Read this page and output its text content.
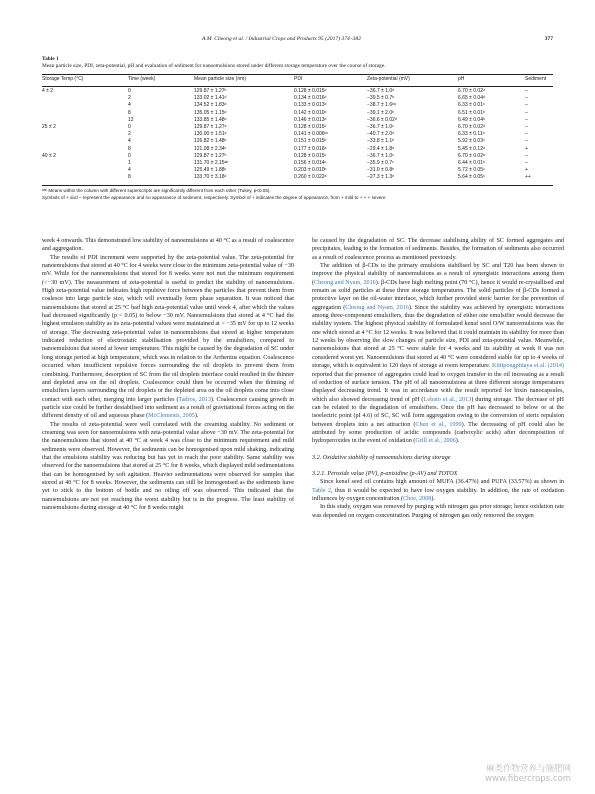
A.M. Cheong et al. / Industrial Crops and Products 95 (2017) 374–382	377
Table 1
Mean particle size, PDI, zeta-potential, pH and evaluation of sediment for nanoemulsions stored under different storage temperature over the course of storage.
Storage Temp (°C)	Time (week)	Mean particle size (nm)	PDI	Zeta-potential (mV)	pH	Sediment
4 ± 2	0	129.87 ± 1.27ᵇ	0.128 ± 0.015ᵈ	−36.7 ± 1.0ᵈ	6.70 ± 0.02ᵈ	–
	2	133.02 ± 1.41ᵈ	0.134 ± 0.016ᵈ	−39.5 ± 0.7ᵇ	6.65 ± 0.04ᵈ	–
	4	134.52 ± 1.83ᵈ	0.133 ± 0.013ᵈ	−38.7 ± 1.6ᵇᵃ	6.33 ± 0.01ᶜ	–
	8	135.05 ± 1.15ᵈ	0.142 ± 0.010ᵈ	−39.1 ± 2.0ᵇ	6.51 ± 0.01ᵇ	–
	12	133.85 ± 1.48ᵈ	0.146 ± 0.013ᵈ	−36.6 ± 0.02ᵈ	6.49 ± 0.04ᵇ	–
25 ± 2	0	129.87 ± 1.27ᵃ	0.128 ± 0.015ᶜ	−36.7 ± 1.0ᶜ	6.70 ± 0.02ᵈ	–
	2	130.00 ± 1.51ᵃ	0.141 ± 0.006ᵇᶜ	−40.7 ± 2.0ᵈ	6.33 ± 0.11ᵇ	–
	4	126.82 ± 1.48ᵇ	0.151 ± 0.015ᵇ	−33.8 ± 1.1ᵇ	5.92 ± 0.03ᶜ	–
	8	121.08 ± 2.34ᶜ	0.177 ± 0.016ᵃ	−29.4 ± 1.8ᵃ	5.45 ± 0.12ᵈ	+
40 ± 2	0	129.87 ± 1.27ᵇ	0.128 ± 0.015ᶜ	−36.7 ± 1.0ᶜ	6.70 ± 0.02ᵃ	–
	1	131.70 ± 2.15ᵃᵇ	0.156 ± 0.014ᶜ	−35.9 ± 0.7ᶜ	6.44 ± 0.01ᵇ	–
	4	125.49 ± 1.88ᶜ	0.203 ± 0.010ᵇ	−31.0 ± 0.8ᵇ	5.72 ± 0.05ᶜ	+
	8	133.70 ± 3.18ᵈ	0.260 ± 0.022ᵃ	−27.3 ± 1.3ᵈ	5.64 ± 0.05ᶜ	++
ᵃᵇᶜ Means within the column with different superscripts are significantly different from each other (Tukey, p<0.05).
Symbols of + and – represent the appearance and no appearance of sediment, respectively. Symbol of + indicates the degree of appearance, from + mild to + + + severe.

week 4 onwards. This demonstrated low stability of nanoemulsions at 40 °C as a result of coalescence and aggregation.

The results of PDI increment were supported by the zeta-potential value. The zeta-potential for nanoemulsions that stored at 40 °C for 4 weeks were close to the minimum zeta-potential value of −30 mV. While for the nanoemulsions that stored for 8 weeks were not met the minimum requirement (<−30 mV). The measurement of zeta-potential is useful to predict the stability of nanoemulsions. High zeta-potential value indicates high repulsive force between the particles that prevent them from coalesce into large particle size, which will eventually form phase separation. It was noticed that nanoemulsions that stored at 25 °C had high zeta-potential value until week 4, after which the values had decreased significantly (p < 0.05) to below −30 mV. Nanoemulsions that stored at 4 °C had the highest emulsion stability as its zeta-potential values were maintained at > −35 mV for up to 12 weeks of storage. The decreasing zeta-potential value in nanoemulsions that stored at higher temperature indicated reduction of electrostatic stabilisation provided by the emulsifiers, compared to nanoemulsions that stored at lower temperature. This might be caused by the degradation of SC under long storage period at high temperature, which was in relation to the Arrhenius equation. Coalescence occurred when insufficient repulsive forces surrounding the oil droplets to prevent them from combining. Furthermore, desorption of SC from the oil droplets interface could resulted in the thinner and depleted area on the oil droplets. Coalescence could then be occurred when the thinning of emulsifiers layers surrounding the oil droplets or the depleted area on the oil droplets come into close contact with each other, merging into larger particles (Tadros, 2013). Coalescence causing growth in particle size could be further destabilised into sediment as a result of gravitational forces acting on the different density of oil and aqueous phase (McClements, 2005).

The results of zeta-potential were well correlated with the creaming stability. No sediment or creaming was seen for nanoemulsions with zeta-potential value above −30 mV. The zeta-potential for the nanoemulsions that stored at 40 °C at week 4 was close to the minimum requirement and mild sediments were observed. However, the sediments can be homogenised upon mild shaking, indicating that the emulsions stability was reducing but has yet to reach the poor stability. Same stability was observed for the nanoemulsions that stored at 25 °C for 8 weeks, which displayed mild sedimentations that can be homogenised by soft agitation. Heavier sedimentations were observed for samples that stored at 40 °C for 8 weeks. However, the sediments can still be homogenised as the sediments have yet to stick to the bottom of bottle and no oiling off was observed. This indicated that the nanoemulsions are not yet reaching the worst stability but is in the progress. The least stability of nanoemulsions during storage at 40 °C for 8 weeks might

be caused by the degradation of SC. The decrease stabilising ability of SC formed aggregates and precipitates, leading to the formation of sediments. Besides, the formation of sediments also occurred as a result of coalescence process as mentioned previously.

The addition of β-CDs to the primary emulsions stabilised by SC and T20 has been shown to improve the physical stability of nanoemulsions as a result of synergistic interactions among them (Cheong and Nyam, 2016). β-CDs have high melting point (70 °C), hence it would re-crystallised and remain as solid particles at these three storage temperatures. The solid particles of β-CDs formed a protective layer on the oil-water interface, which further provided steric barrier for the prevention of aggregation (Cheong and Nyam, 2016). Since the stability was achieved by synergistic interactions among three-component emulsifiers, thus the degradation of either one emulsifier would decrease the stability system. The highest physical stability of formulated kenaf seed O/W nanoemulsions was the one which stored at 4 °C for 12 weeks. It was believed that it could maintain its stability for more than 12 weeks by observing the slow changes of particle size, PDI and zeta-potential value. Meanwhile, nanoemulsions that stored at 25 °C were stable for 4 weeks and its stability at week 8 was not considered worst yet. Nanoemulsions that stored at 40 °C were considered stable for up to 4 weeks of storage, which is equivalent to 120 days of storage at room temperature. Kittipongpittaya et al. (2014) reported that the presence of aggregates could lead to oxygen transfer to the oil increasing as a result of reduction of surface tension. The pH of all nanoemulsions at three different storage temperatures displayed decreasing trend. It was in accordance with the result reported for bixin nanocapsules, which also showed decreasing trend of pH (Lobato et al., 2013) during storage. The decrease of pH can be related to the degradation of emulsifiers. Once the pH has decreased to below or at the isoelectric point (pI 4.6) of SC, SC will form aggregation owing to the conversion of steric repulsion between droplets into a net attraction (Chen et al., 1999). The decreasing of pH could also be attributed by some production of acidic compounds (carboxylic acids) after decomposition of hydroperoxides in the event of oxidation (Grill et al., 2006).

3.2. Oxidative stability of nanoemulsions during storage

3.2.1. Peroxide value (PV), p-anisidine (p-AV) and TOTOX

Since kenaf seed oil contains high amount of MUFA (36.47%) and PUFA (33.57%) as shown in Table 2, thus it would be expected to have low oxygen stability. In addition, the rate of oxidation influences by oxygen concentration (Choe, 2008).

In this study, oxygen was removed by purging with nitrogen gas prior storage; hence oxidation rate was depended on oxygen concentration. Purging of nitrogen gas only removed the oxygen

麻类作物营养与施肥网
www.fibercrops.com
